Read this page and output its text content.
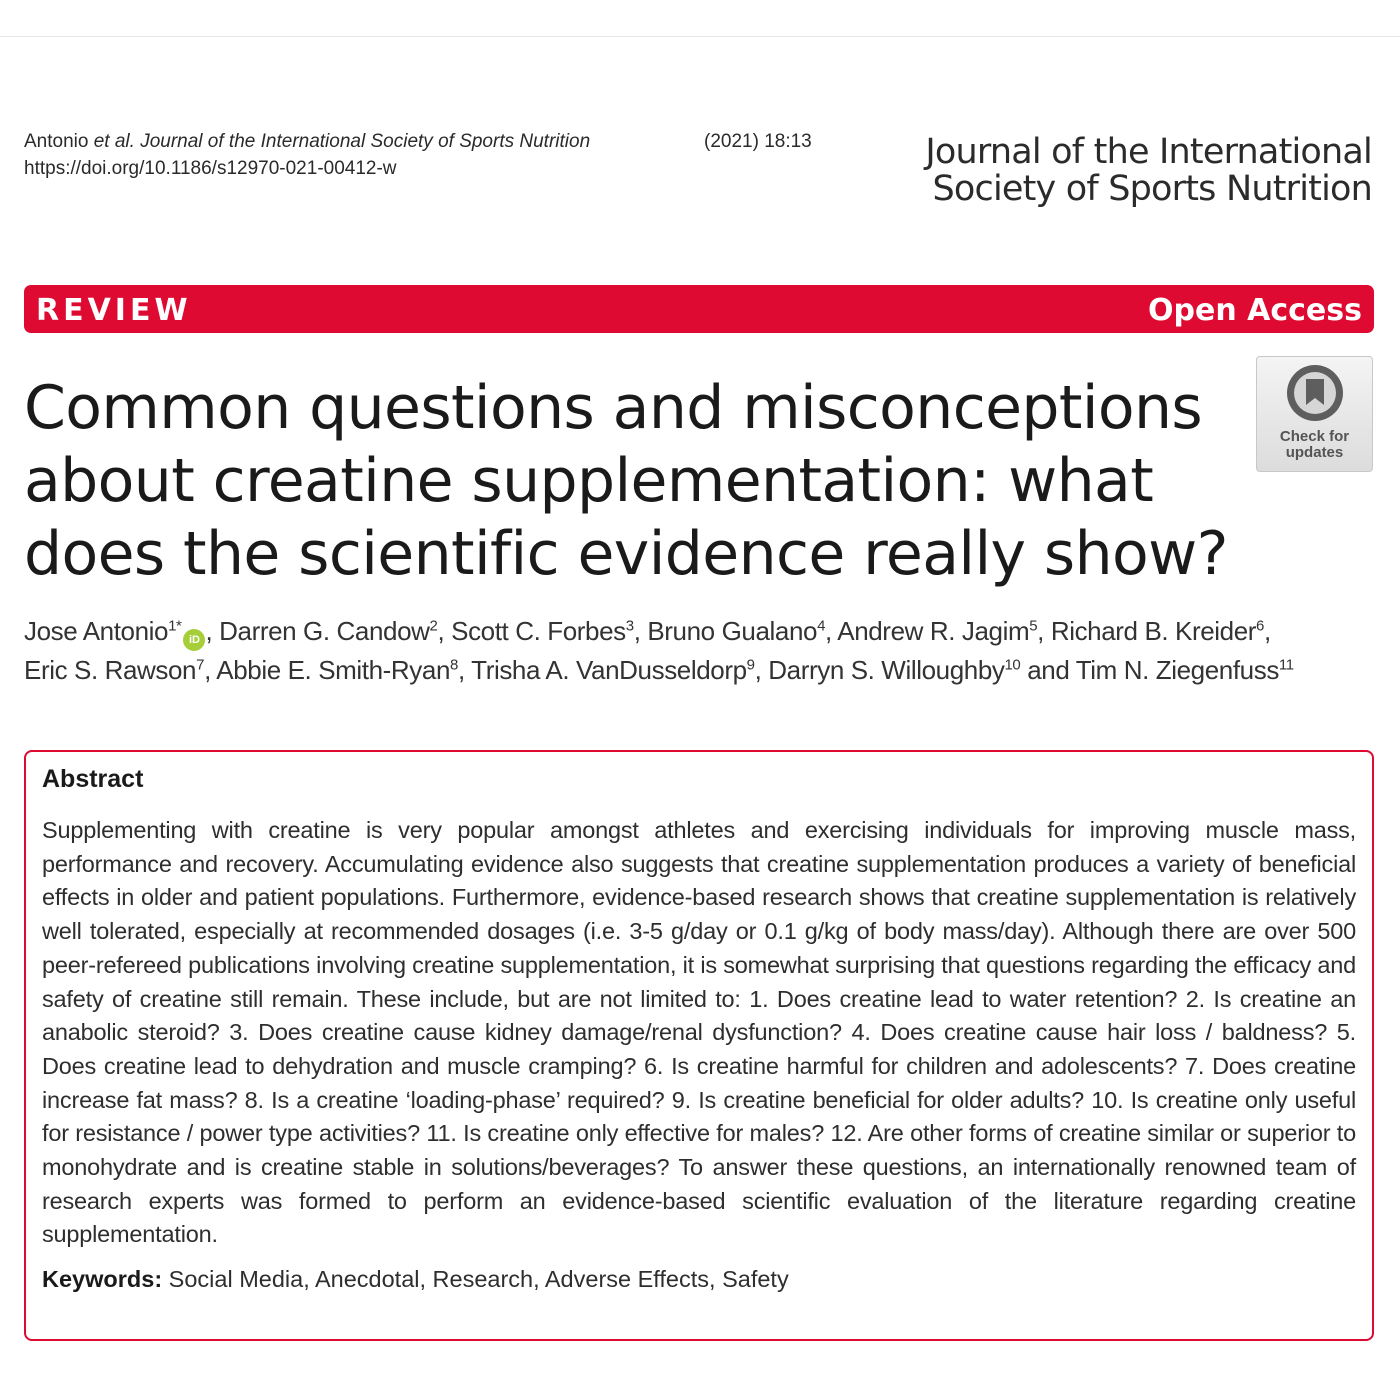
Antonio et al. Journal of the International Society of Sports Nutrition	(2021) 18:13
https://doi.org/10.1186/s12970-021-00412-w	Journal of the International
Society of Sports Nutrition
REVIEW	Open Access
Check for
updates
Common questions and misconceptions about creatine supplementation: what does the scientific evidence really show?
Jose Antonio$^{1*}$iD , Darren G. Candow$^2$, Scott C. Forbes$^3$, Bruno Gualano$^4$, Andrew R. Jagim$^5$, Richard B. Kreider$^6$, Eric S. Rawson$^7$, Abbie E. Smith-Ryan$^8$, Trisha A. VanDusseldorp$^9$, Darryn S. Willoughby$^{10}$ and Tim N. Ziegenfuss$^{11}$
Abstract

Supplementing with creatine is very popular amongst athletes and exercising individuals for improving muscle mass, performance and recovery. Accumulating evidence also suggests that creatine supplementation produces a variety of beneficial effects in older and patient populations. Furthermore, evidence-based research shows that creatine supplementation is relatively well tolerated, especially at recommended dosages (i.e. 3-5 g/day or 0.1 g/kg of body mass/day). Although there are over 500 peer-refereed publications involving creatine supplementation, it is somewhat surprising that questions regarding the efficacy and safety of creatine still remain. These include, but are not limited to: 1. Does creatine lead to water retention? 2. Is creatine an anabolic steroid? 3. Does creatine cause kidney damage/renal dysfunction? 4. Does creatine cause hair loss / baldness? 5. Does creatine lead to dehydration and muscle cramping? 6. Is creatine harmful for children and adolescents? 7. Does creatine increase fat mass? 8. Is a creatine ‘loading-phase’ required? 9. Is creatine beneficial for older adults? 10. Is creatine only useful for resistance / power type activities? 11. Is creatine only effective for males? 12. Are other forms of creatine similar or superior to monohydrate and is creatine stable in solutions/beverages? To answer these questions, an internationally renowned team of research experts was formed to perform an evidence-based scientific evaluation of the literature regarding creatine supplementation.

Keywords: Social Media, Anecdotal, Research, Adverse Effects, Safety
